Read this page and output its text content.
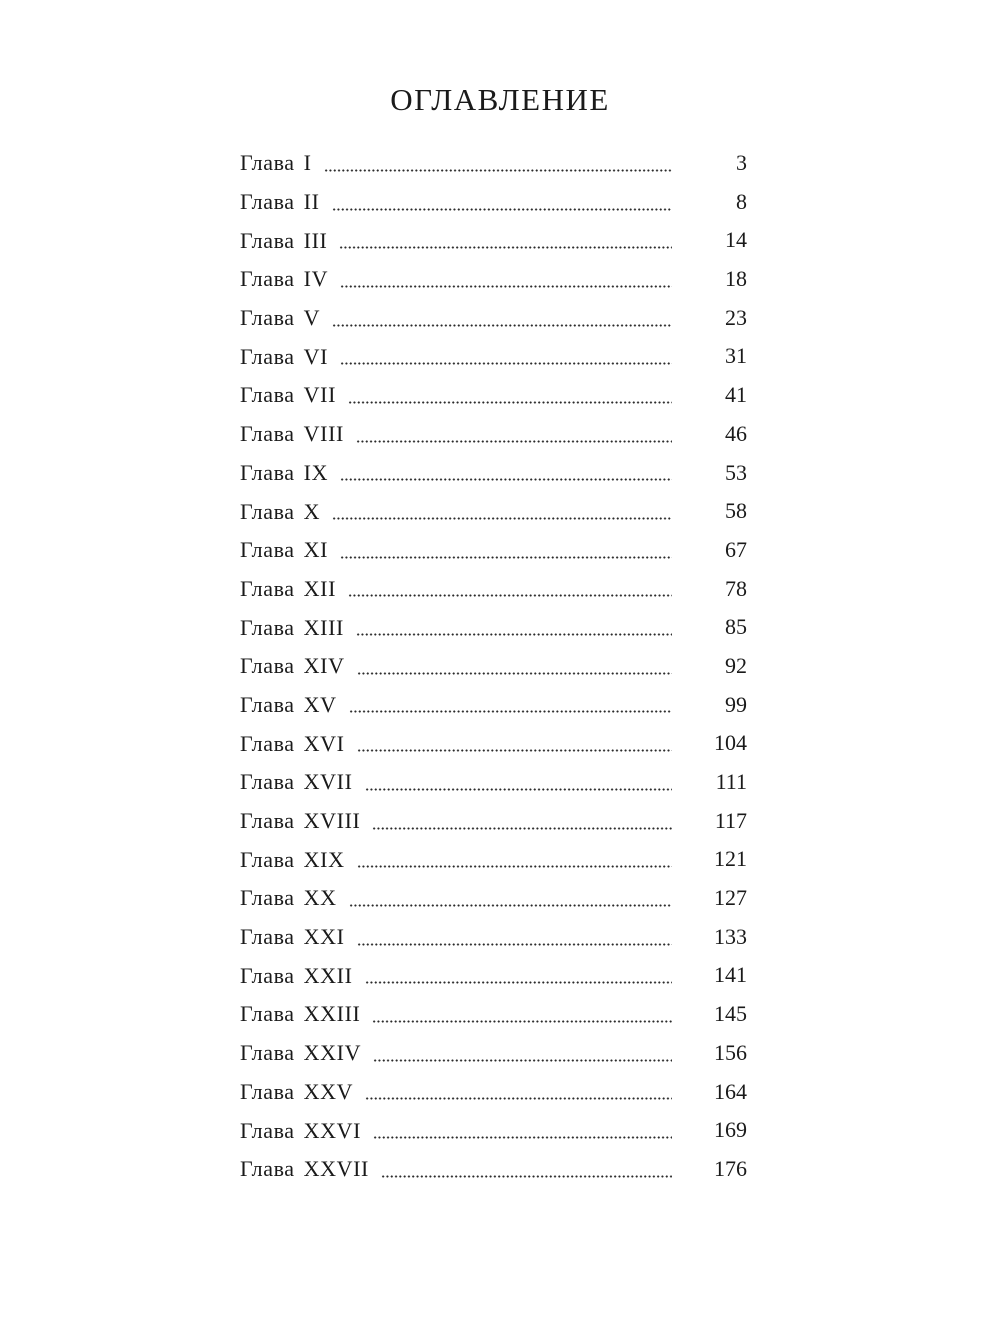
ОГЛАВЛЕНИЕ
Глава I	3
Глава II	8
Глава III	14
Глава IV	18
Глава V	23
Глава VI	31
Глава VII	41
Глава VIII	46
Глава IX	53
Глава X	58
Глава XI	67
Глава XII	78
Глава XIII	85
Глава XIV	92
Глава XV	99
Глава XVI	104
Глава XVII	111
Глава XVIII	117
Глава XIX	121
Глава XX	127
Глава XXI	133
Глава XXII	141
Глава XXIII	145
Глава XXIV	156
Глава XXV	164
Глава XXVI	169
Глава XXVII	176
